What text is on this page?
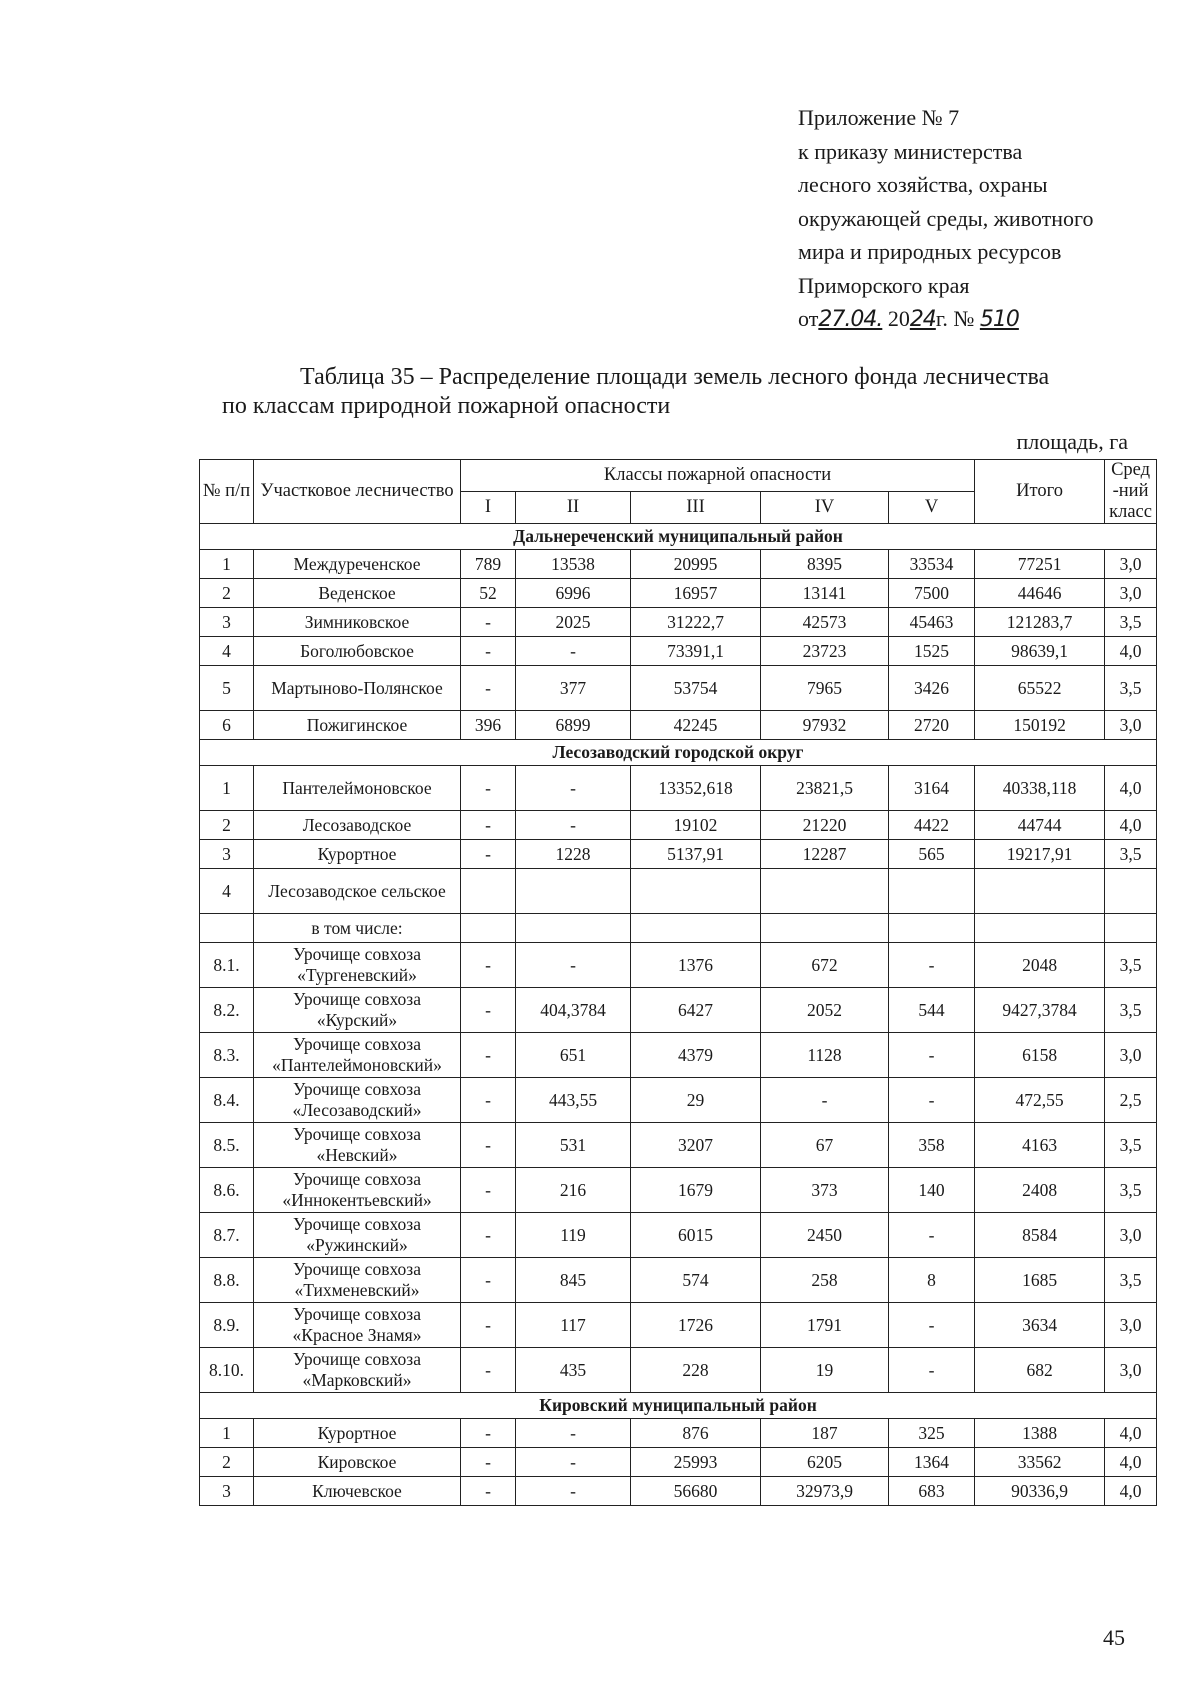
Приложение № 7
к приказу министерства
лесного хозяйства, охраны
окружающей среды, животного
мира и природных ресурсов
Приморского края
от27.04. 2024г. № 510
Таблица 35 – Распределение площади земель лесного фонда лесничества
по классам природной пожарной опасности
площадь, га
№ п/п	Участковое лесничество	Классы пожарной опасности					Итого	Сред -ний класс
		I	II	III	IV	V		
Дальнереченский муниципальный район								
1	Междуреченское	789	13538	20995	8395	33534	77251	3,0
2	Веденское	52	6996	16957	13141	7500	44646	3,0
3	Зимниковское	-	2025	31222,7	42573	45463	121283,7	3,5
4	Боголюбовское	-	-	73391,1	23723	1525	98639,1	4,0
5	Мартыново-Полянское	-	377	53754	7965	3426	65522	3,5
6	Пожигинское	396	6899	42245	97932	2720	150192	3,0
Лесозаводский городской округ								
1	Пантелеймоновское	-	-	13352,618	23821,5	3164	40338,118	4,0
2	Лесозаводское	-	-	19102	21220	4422	44744	4,0
3	Курортное	-	1228	5137,91	12287	565	19217,91	3,5
4	Лесозаводское сельское							
	в том числе:							
8.1.	Урочище совхоза «Тургеневский»	-	-	1376	672	-	2048	3,5
8.2.	Урочище совхоза «Курский»	-	404,3784	6427	2052	544	9427,3784	3,5
8.3.	Урочище совхоза «Пантелеймоновский»	-	651	4379	1128	-	6158	3,0
8.4.	Урочище совхоза «Лесозаводский»	-	443,55	29	-	-	472,55	2,5
8.5.	Урочище совхоза «Невский»	-	531	3207	67	358	4163	3,5
8.6.	Урочище совхоза «Иннокентьевский»	-	216	1679	373	140	2408	3,5
8.7.	Урочище совхоза «Ружинский»	-	119	6015	2450	-	8584	3,0
8.8.	Урочище совхоза «Тихменевский»	-	845	574	258	8	1685	3,5
8.9.	Урочище совхоза «Красное Знамя»	-	117	1726	1791	-	3634	3,0
8.10.	Урочище совхоза «Марковский»	-	435	228	19	-	682	3,0
Кировский муниципальный район								
1	Курортное	-	-	876	187	325	1388	4,0
2	Кировское	-	-	25993	6205	1364	33562	4,0
3	Ключевское	-	-	56680	32973,9	683	90336,9	4,0
45
